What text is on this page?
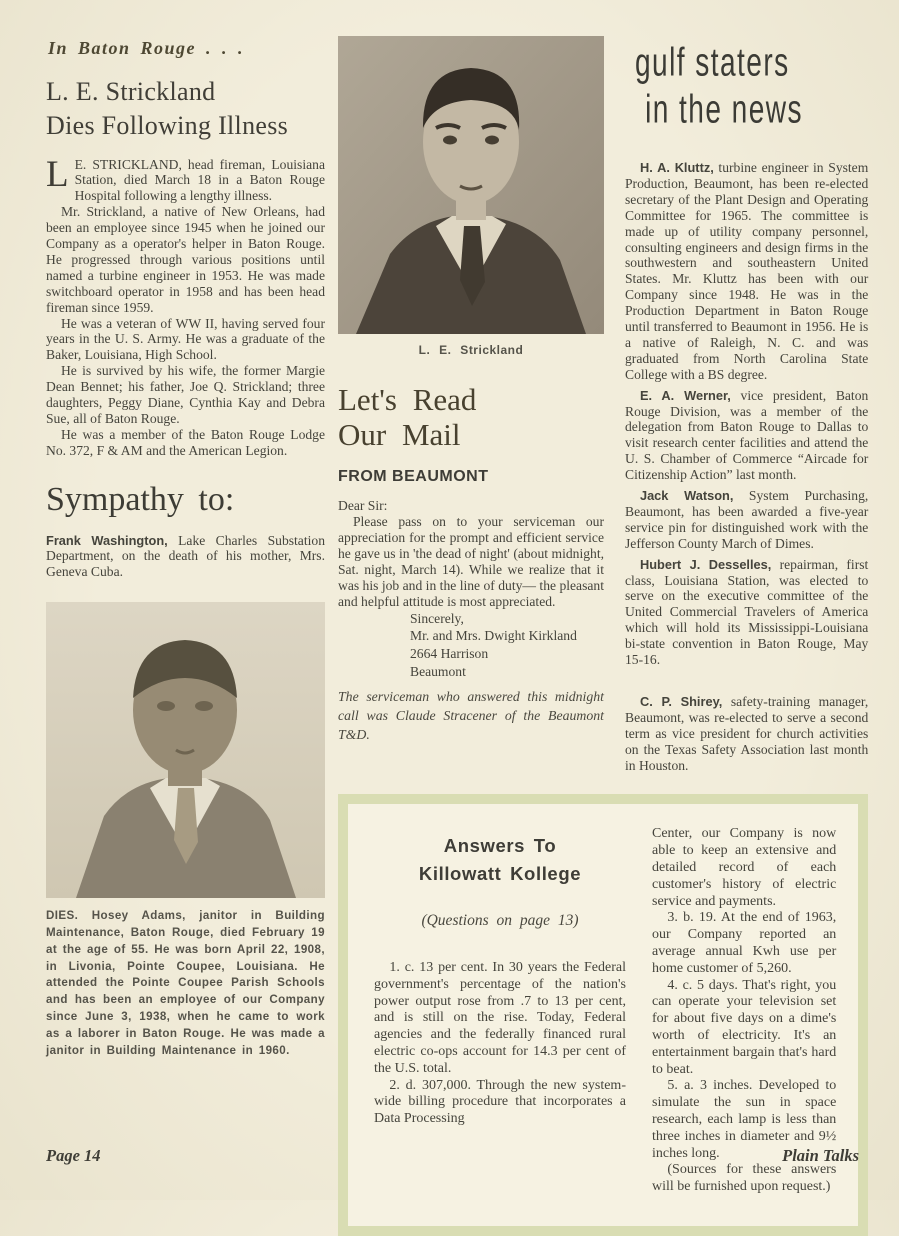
In Baton Rouge . . .
L. E. Strickland
Dies Following Illness

L E. STRICKLAND, head fireman, Louisiana Station, died March 18 in a Baton Rouge Hospital following a lengthy illness.

Mr. Strickland, a native of New Orleans, had been an employee since 1945 when he joined our Company as a operator's helper in Baton Rouge. He progressed through various positions until named a turbine engineer in 1953. He was made switchboard operator in 1958 and has been head fireman since 1959.

He was a veteran of WW II, having served four years in the U. S. Army. He was a graduate of the Baker, Louisiana, High School.

He is survived by his wife, the former Margie Dean Bennet; his father, Joe Q. Strickland; three daughters, Peggy Diane, Cynthia Kay and Debra Sue, all of Baton Rouge.

He was a member of the Baton Rouge Lodge No. 372, F & AM and the American Legion.

Sympathy to:

Frank Washington, Lake Charles Substation Department, on the death of his mother, Mrs. Geneva Cuba.

DIES. Hosey Adams, janitor in Building Maintenance, Baton Rouge, died February 19 at the age of 55. He was born April 22, 1908, in Livonia, Pointe Coupee, Louisiana. He attended the Pointe Coupee Parish Schools and has been an employee of our Company since June 3, 1938, when he came to work as a laborer in Baton Rouge. He was made a janitor in Building Maintenance in 1960.

L. E. Strickland
Let's Read
Our Mail
FROM BEAUMONT

Dear Sir:

Please pass on to your serviceman our appreciation for the prompt and efficient service he gave us in 'the dead of night' (about midnight, Sat. night, March 14). While we realize that it was his job and in the line of duty— the pleasant and helpful attitude is most appreciated.

Sincerely,

Mr. and Mrs. Dwight Kirkland

2664 Harrison

Beaumont

The serviceman who answered this midnight call was Claude Stracener of the Beaumont T&D.

gulf staters
in the news

H. A. Kluttz, turbine engineer in System Production, Beaumont, has been re-elected secretary of the Plant Design and Operating Committee for 1965. The committee is made up of utility company personnel, consulting engineers and design firms in the southwestern and southeastern United States. Mr. Kluttz has been with our Company since 1948. He was in the Production Department in Baton Rouge until transferred to Beaumont in 1956. He is a native of Raleigh, N. C. and was graduated from North Carolina State College with a BS degree.

E. A. Werner, vice president, Baton Rouge Division, was a member of the delegation from Baton Rouge to Dallas to visit research center facilities and attend the U. S. Chamber of Commerce “Aircade for Citizenship Action” last month.

Jack Watson, System Purchasing, Beaumont, has been awarded a five-year service pin for distinguished work with the Jefferson County March of Dimes.

Hubert J. Desselles, repairman, first class, Louisiana Station, was elected to serve on the executive committee of the United Commercial Travelers of America which will hold its Mississippi-Louisiana bi-state convention in Baton Rouge, May 15-16.

C. P. Shirey, safety-training manager, Beaumont, was re-elected to serve a second term as vice president for church activities on the Texas Safety Association last month in Houston.

Answers To
Killowatt Kollege
(Questions on page 13)

1. c. 13 per cent. In 30 years the Federal government's percentage of the nation's power output rose from .7 to 13 per cent, and is still on the rise. Today, Federal agencies and the federally financed rural electric co-ops account for 14.3 per cent of the U.S. total.

2. d. 307,000. Through the new system-wide billing procedure that incorporates a Data Processing

Center, our Company is now able to keep an extensive and detailed record of each customer's history of electric service and payments.

3. b. 19. At the end of 1963, our Company reported an average annual Kwh use per home customer of 5,260.

4. c. 5 days. That's right, you can operate your television set for about five days on a dime's worth of electricity. It's an entertainment bargain that's hard to beat.

5. a. 3 inches. Developed to simulate the sun in space research, each lamp is less than three inches in diameter and 9½ inches long.

(Sources for these answers will be furnished upon request.)

Page 14	Plain Talks
